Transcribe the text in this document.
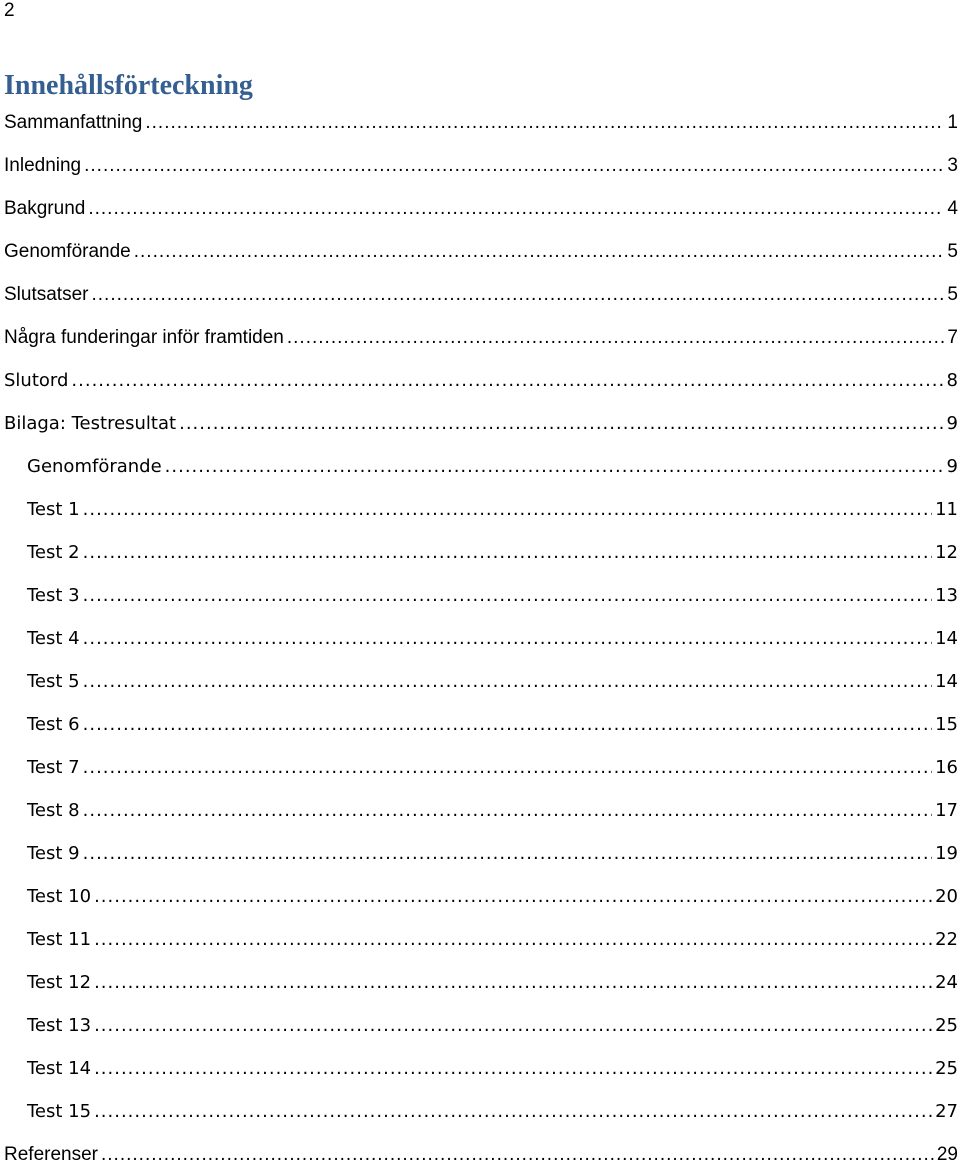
2
Innehållsförteckning
Sammanfattning .....	1
Inledning .....	3
Bakgrund .....	4
Genomförande .....	5
Slutsatser .....	5
Några funderingar inför framtiden .....	7
Slutord .....	8
Bilaga: Testresultat .....	9
Genomförande .....	9
Test 1 .....	11
Test 2 .....	12
Test 3 .....	13
Test 4 .....	14
Test 5 .....	14
Test 6 .....	15
Test 7 .....	16
Test 8 .....	17
Test 9 .....	19
Test 10 .....	20
Test 11 .....	22
Test 12 .....	24
Test 13 .....	25
Test 14 .....	25
Test 15 .....	27
Referenser .....	29
